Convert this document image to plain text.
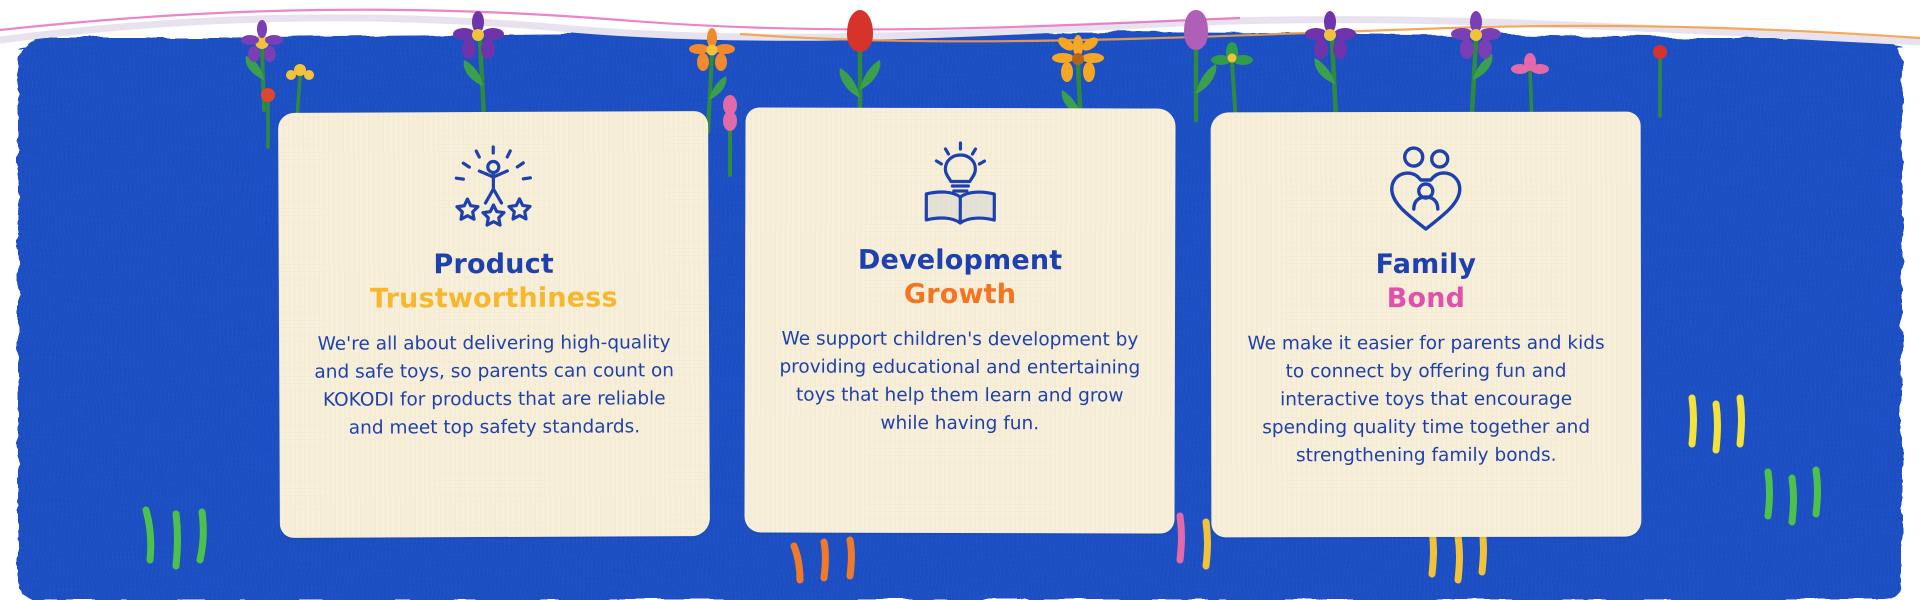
Product
Trustworthiness

We're all about delivering high-quality and safe toys, so parents can count on KOKODI for products that are reliable and meet top safety standards.

Development
Growth

We support children's development by providing educational and entertaining toys that help them learn and grow while having fun.

Family
Bond

We make it easier for parents and kids to connect by offering fun and interactive toys that encourage spending quality time together and strengthening family bonds.
